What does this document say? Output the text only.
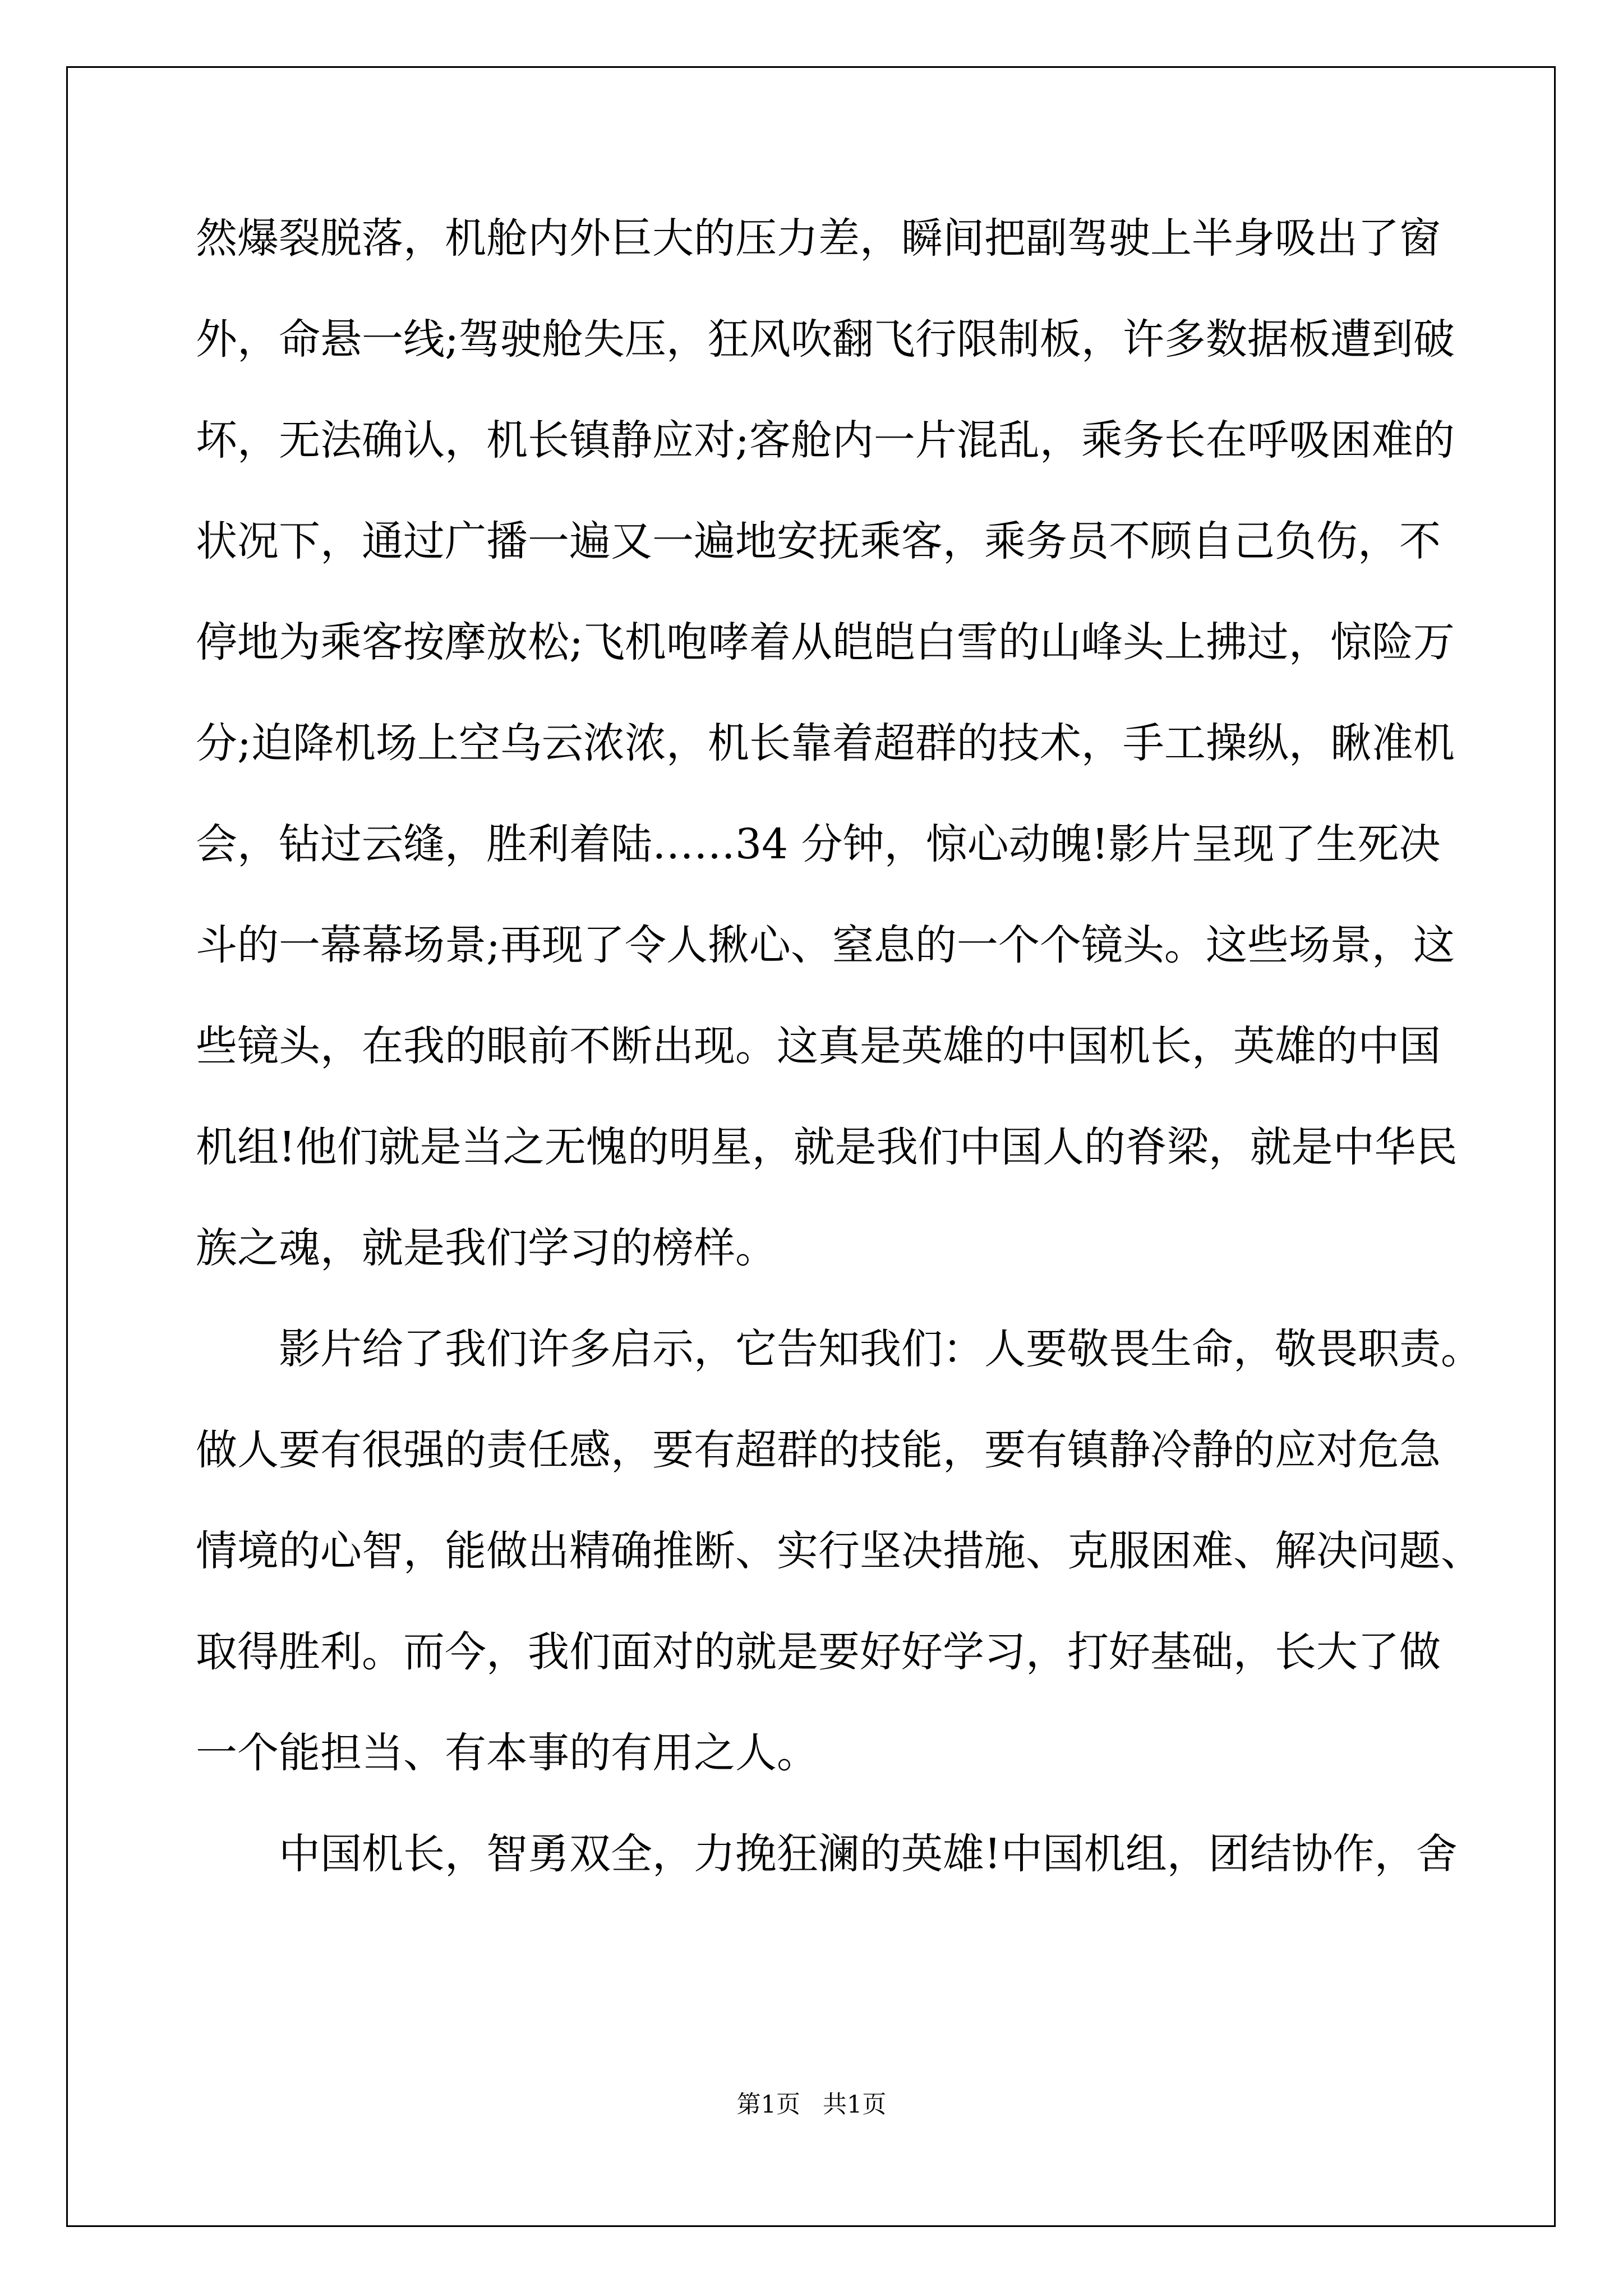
然爆裂脱落，机舱内外巨大的压力差，瞬间把副驾驶上半身吸出了窗
外，命悬一线;驾驶舱失压，狂风吹翻飞行限制板，许多数据板遭到破
坏，无法确认，机长镇静应对;客舱内一片混乱，乘务长在呼吸困难的
状况下，通过广播一遍又一遍地安抚乘客，乘务员不顾自己负伤，不
停地为乘客按摩放松;飞机咆哮着从皑皑白雪的山峰头上拂过，惊险万
分;迫降机场上空乌云浓浓，机长靠着超群的技术，手工操纵，瞅准机
会，钻过云缝，胜利着陆……34 分钟，惊心动魄!影片呈现了生死决
斗的一幕幕场景;再现了令人揪心、窒息的一个个镜头。这些场景，这
些镜头，在我的眼前不断出现。这真是英雄的中国机长，英雄的中国
机组!他们就是当之无愧的明星，就是我们中国人的脊梁，就是中华民
族之魂，就是我们学习的榜样。
影片给了我们许多启示，它告知我们：人要敬畏生命，敬畏职责。
做人要有很强的责任感，要有超群的技能，要有镇静冷静的应对危急
情境的心智，能做出精确推断、实行坚决措施、克服困难、解决问题、
取得胜利。而今，我们面对的就是要好好学习，打好基础，长大了做
一个能担当、有本事的有用之人。
中国机长，智勇双全，力挽狂澜的英雄!中国机组，团结协作，舍
第1页 共1页
